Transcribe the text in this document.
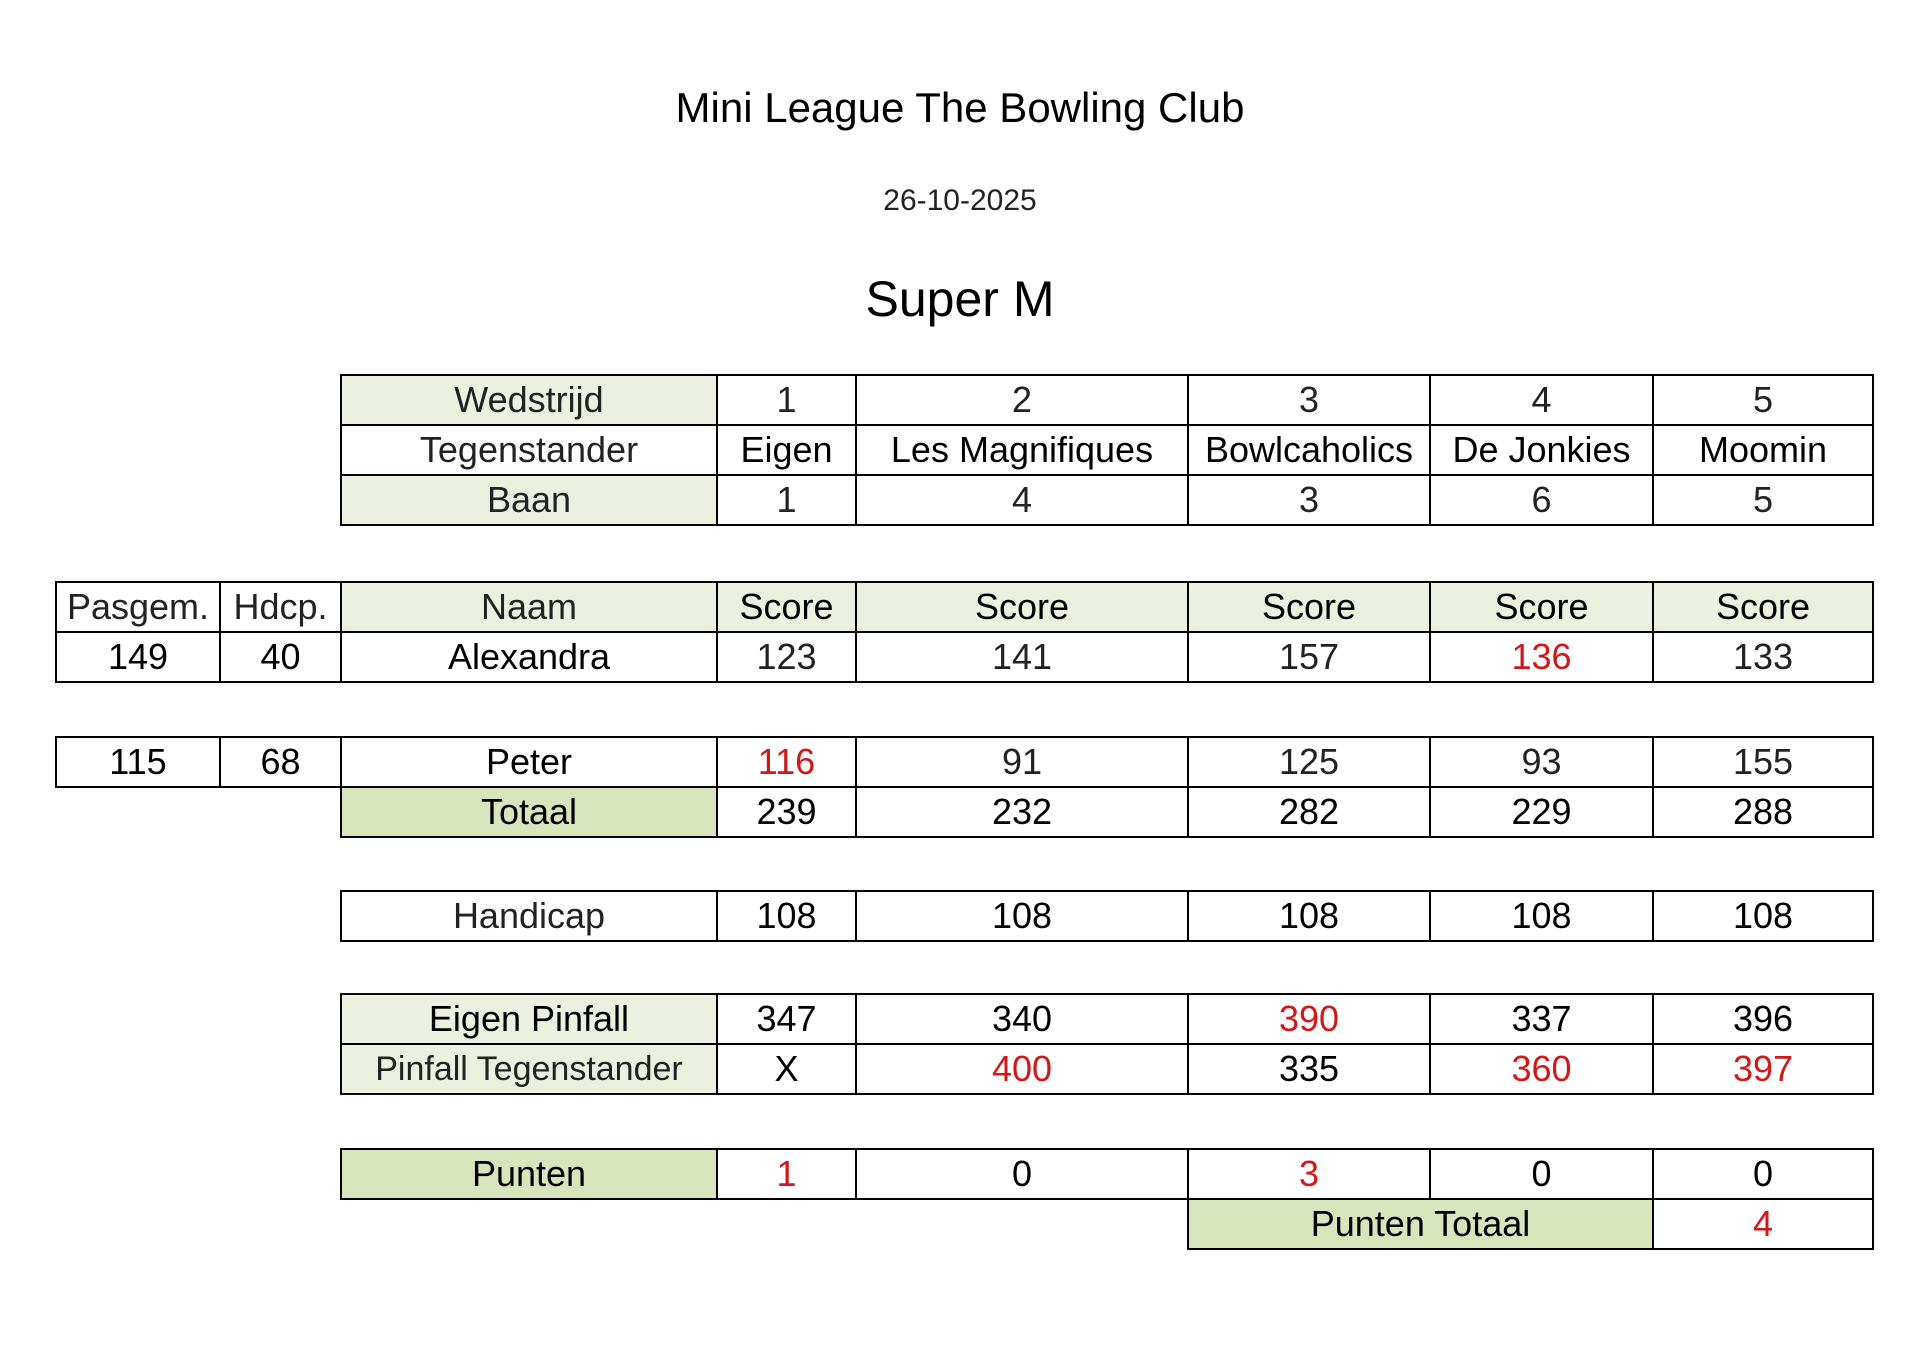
Mini League The Bowling Club
26-10-2025
Super M
Wedstrijd	1	2	3	4	5
Tegenstander	Eigen	Les Magnifiques	Bowlcaholics	De Jonkies	Moomin
Baan	1	4	3	6	5
Pasgem.	Hdcp.	Naam	Score	Score	Score	Score	Score
149	40	Alexandra	123	141	157	136	133
115	68	Peter	116	91	125	93	155
		Totaal	239	232	282	229	288
Handicap	108	108	108	108	108
Eigen Pinfall	347	340	390	337	396
Pinfall Tegenstander	X	400	335	360	397
Punten	1	0	3	0	0
			Punten Totaal		4
